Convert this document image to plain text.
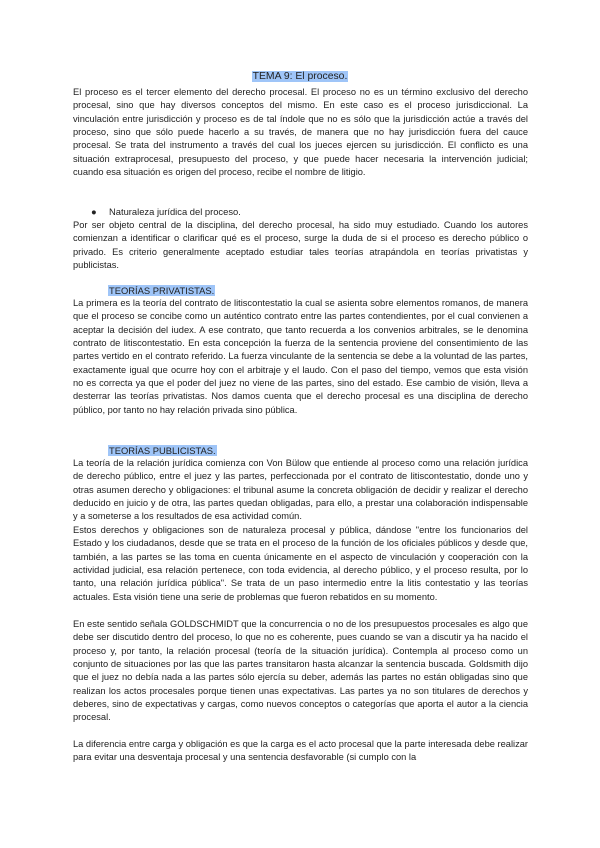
TEMA 9: El proceso.

El proceso es el tercer elemento del derecho procesal. El proceso no es un término exclusivo del derecho procesal, sino que hay diversos conceptos del mismo. En este caso es el proceso jurisdiccional. La vinculación entre jurisdicción y proceso es de tal índole que no es sólo que la jurisdicción actúe a través del proceso, sino que sólo puede hacerlo a su través, de manera que no hay jurisdicción fuera del cauce procesal. Se trata del instrumento a través del cual los jueces ejercen su jurisdicción. El conflicto es una situación extraprocesal, presupuesto del proceso, y que puede hacer necesaria la intervención judicial; cuando esa situación es origen del proceso, recibe el nombre de litigio.

● Naturaleza jurídica del proceso.

Por ser objeto central de la disciplina, del derecho procesal, ha sido muy estudiado. Cuando los autores comienzan a identificar o clarificar qué es el proceso, surge la duda de si el proceso es derecho público o privado. Es criterio generalmente aceptado estudiar tales teorías atrapándola en teorías privatistas y publicistas.

TEORÍAS PRIVATISTAS.

La primera es la teoría del contrato de litiscontestatio la cual se asienta sobre elementos romanos, de manera que el proceso se concibe como un auténtico contrato entre las partes contendientes, por el cual convienen a aceptar la decisión del iudex. A ese contrato, que tanto recuerda a los convenios arbitrales, se le denomina contrato de litiscontestatio. En esta concepción la fuerza de la sentencia proviene del consentimiento de las partes vertido en el contrato referido. La fuerza vinculante de la sentencia se debe a la voluntad de las partes, exactamente igual que ocurre hoy con el arbitraje y el laudo. Con el paso del tiempo, vemos que esta visión no es correcta ya que el poder del juez no viene de las partes, sino del estado. Ese cambio de visión, lleva a desterrar las teorías privatistas. Nos damos cuenta que el derecho procesal es una disciplina de derecho público, por tanto no hay relación privada sino pública.

TEORÍAS PUBLICISTAS.

La teoría de la relación jurídica comienza con Von Bülow que entiende al proceso como una relación jurídica de derecho público, entre el juez y las partes, perfeccionada por el contrato de litiscontestatio, donde uno y otras asumen derecho y obligaciones: el tribunal asume la concreta obligación de decidir y realizar el derecho deducido en juicio y de otra, las partes quedan obligadas, para ello, a prestar una colaboración indispensable y a someterse a los resultados de esa actividad común.

Estos derechos y obligaciones son de naturaleza procesal y pública, dándose "entre los funcionarios del Estado y los ciudadanos, desde que se trata en el proceso de la función de los oficiales públicos y desde que, también, a las partes se las toma en cuenta únicamente en el aspecto de vinculación y cooperación con la actividad judicial, esa relación pertenece, con toda evidencia, al derecho público, y el proceso resulta, por lo tanto, una relación jurídica pública". Se trata de un paso intermedio entre la litis contestatio y las teorías actuales. Esta visión tiene una serie de problemas que fueron rebatidos en su momento.

En este sentido señala GOLDSCHMIDT que la concurrencia o no de los presupuestos procesales es algo que debe ser discutido dentro del proceso, lo que no es coherente, pues cuando se van a discutir ya ha nacido el proceso y, por tanto, la relación procesal (teoría de la situación jurídica). Contempla al proceso como un conjunto de situaciones por las que las partes transitaron hasta alcanzar la sentencia buscada. Goldsmith dijo que el juez no debía nada a las partes sólo ejercía su deber, además las partes no están obligadas sino que realizan los actos procesales porque tienen unas expectativas. Las partes ya no son titulares de derechos y deberes, sino de expectativas y cargas, como nuevos conceptos o categorías que aporta el autor a la ciencia procesal.

La diferencia entre carga y obligación es que la carga es el acto procesal que la parte interesada debe realizar para evitar una desventaja procesal y una sentencia desfavorable (si cumplo con la
